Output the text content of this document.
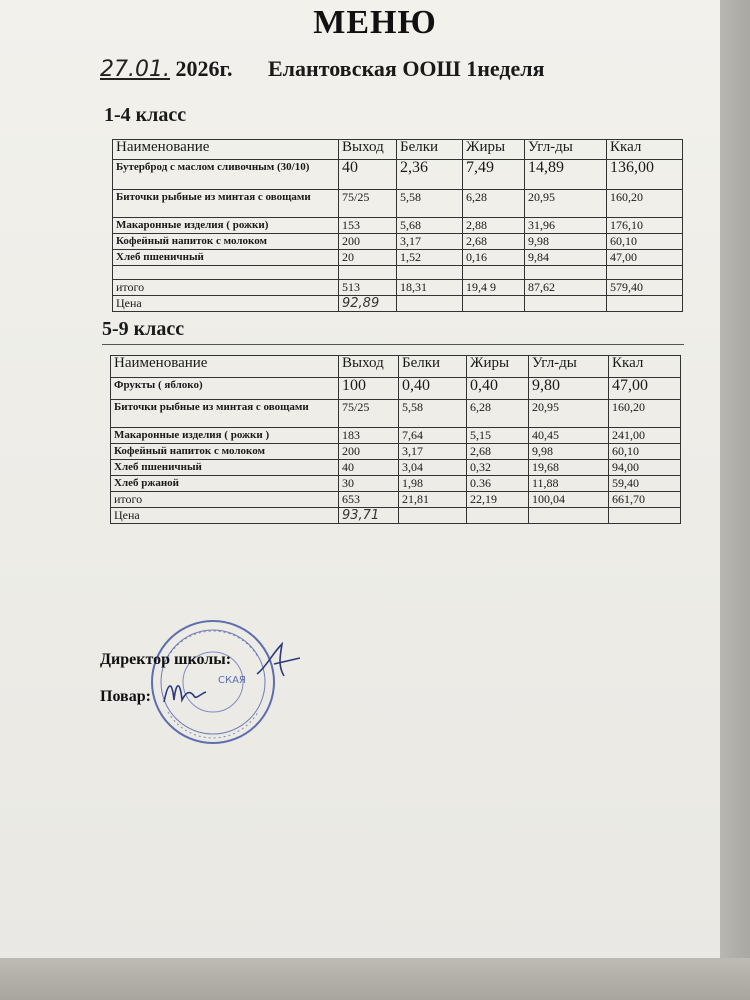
МЕНЮ
27.01. 2026г. Елантовская ООШ 1неделя
1-4 класс
Наименование	Выход	Белки	Жиры	Угл-ды	Ккал
Бутерброд с маслом сливочным (30/10)	40	2,36	7,49	14,89	136,00
Биточки рыбные из минтая с овощами	75/25	5,58	6,28	20,95	160,20
Макаронные изделия ( рожки)	153	5,68	2,88	31,96	176,10
Кофейный напиток с молоком	200	3,17	2,68	9,98	60,10
Хлеб пшеничный	20	1,52	0,16	9,84	47,00

итого	513	18,31	19,4 9	87,62	579,40
Цена	92,89				
5-9 класс
Наименование	Выход	Белки	Жиры	Угл-ды	Ккал
Фрукты ( яблоко)	100	0,40	0,40	9,80	47,00
Биточки рыбные из минтая с овощами	75/25	5,58	6,28	20,95	160,20
Макаронные изделия ( рожки )	183	7,64	5,15	40,45	241,00
Кофейный напиток с молоком	200	3,17	2,68	9,98	60,10
Хлеб пшеничный	40	3,04	0,32	19,68	94,00
Хлеб ржаной	30	1,98	0.36	11,88	59,40
итого	653	21,81	22,19	100,04	661,70
Цена	93,71				
СКАЯ
Директор школы:
Повар:
